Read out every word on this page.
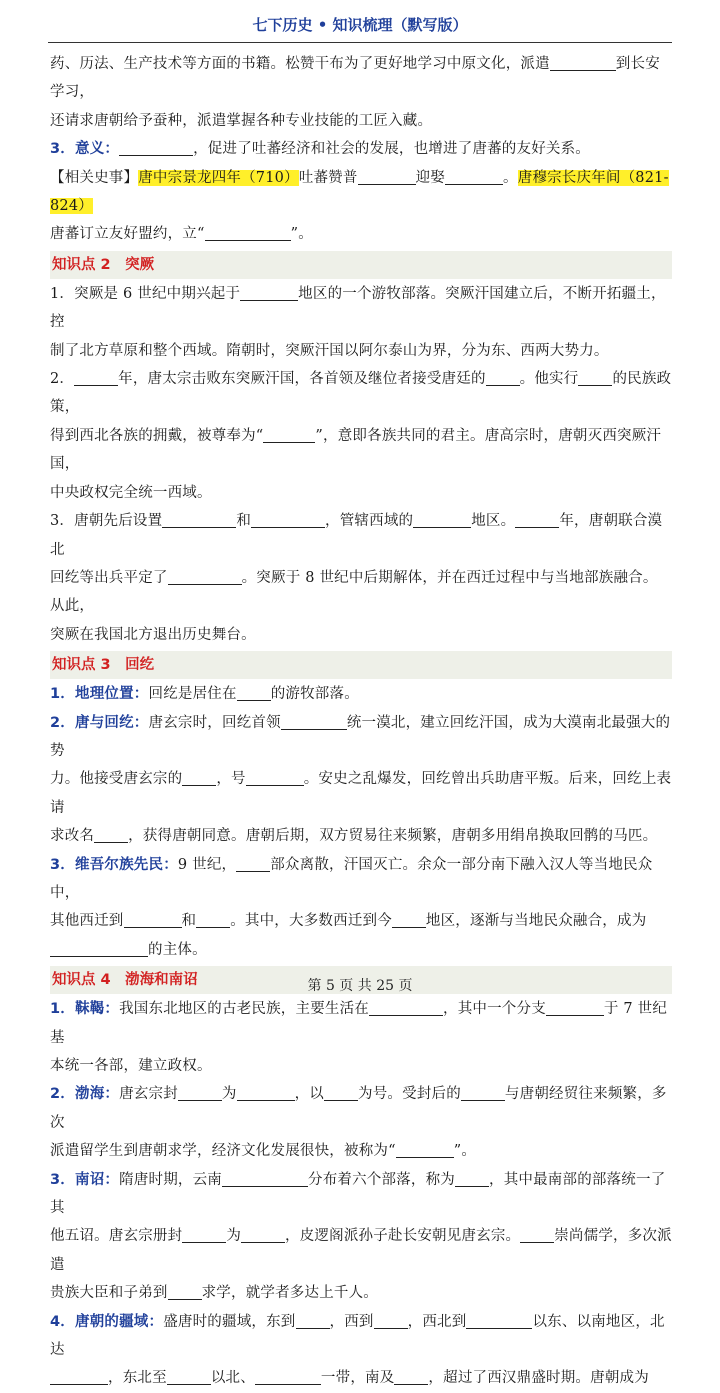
七下历史 • 知识梳理（默写版）

药、历法、生产技术等方面的书籍。松赞干布为了更好地学习中原文化，派遣	到长安学习，

还请求唐朝给予蚕种，派遣掌握各种专业技能的工匠入藏。

3．意义：	，促进了吐蕃经济和社会的发展，也增进了唐蕃的友好关系。

【相关史事】唐中宗景龙四年（710）吐蕃赞普	迎娶	。唐穆宗长庆年间（821-824）

唐蕃订立友好盟约，立“	”。

知识点 2　突厥

1．突厥是 6 世纪中期兴起于	地区的一个游牧部落。突厥汗国建立后，不断开拓疆土，控

制了北方草原和整个西域。隋朝时，突厥汗国以阿尔泰山为界，分为东、西两大势力。

2．	年，唐太宗击败东突厥汗国，各首领及继位者接受唐廷的 。他实行 的民族政策，

得到西北各族的拥戴，被尊奉为“	”，意即各族共同的君主。唐高宗时，唐朝灭西突厥汗国，

中央政权完全统一西域。

3．唐朝先后设置	和	，管辖西域的	地区。	年，唐朝联合漠北

回纥等出兵平定了	。突厥于 8 世纪中后期解体，并在西迁过程中与当地部族融合。从此，

突厥在我国北方退出历史舞台。

知识点 3　回纥

1．地理位置：回纥是居住在 的游牧部落。

2．唐与回纥：唐玄宗时，回纥首领	统一漠北，建立回纥汗国，成为大漠南北最强大的势

力。他接受唐玄宗的 ，号	。安史之乱爆发，回纥曾出兵助唐平叛。后来，回纥上表请

求改名 ，获得唐朝同意。唐朝后期，双方贸易往来频繁，唐朝多用绢帛换取回鹘的马匹。

3．维吾尔族先民：9 世纪， 部众离散，汗国灭亡。余众一部分南下融入汉人等当地民众中，

其他西迁到	和 。其中，大多数西迁到今 地区，逐渐与当地民众融合，成为

的主体。

知识点 4　渤海和南诏

1．靺鞨：我国东北地区的古老民族，主要生活在	，其中一个分支	于 7 世纪基

本统一各部，建立政权。

2．渤海：唐玄宗封	为	，以 为号。受封后的	与唐朝经贸往来频繁，多次

派遣留学生到唐朝求学，经济文化发展很快，被称为“	”。

3．南诏：隋唐时期，云南	分布着六个部落，称为 ，其中最南部的部落统一了其

他五诏。唐玄宗册封	为	，皮逻阁派孙子赴长安朝见唐玄宗。 崇尚儒学，多次派遣

贵族大臣和子弟到 求学，就学者多达上千人。

4．唐朝的疆域：盛唐时的疆域，东到 ，西到 ，西北到	以东、以南地区，北达

，东北至	以北、	一带，南及 ，超过了西汉鼎盛时期。唐朝成为

第 5 页 共 25 页
